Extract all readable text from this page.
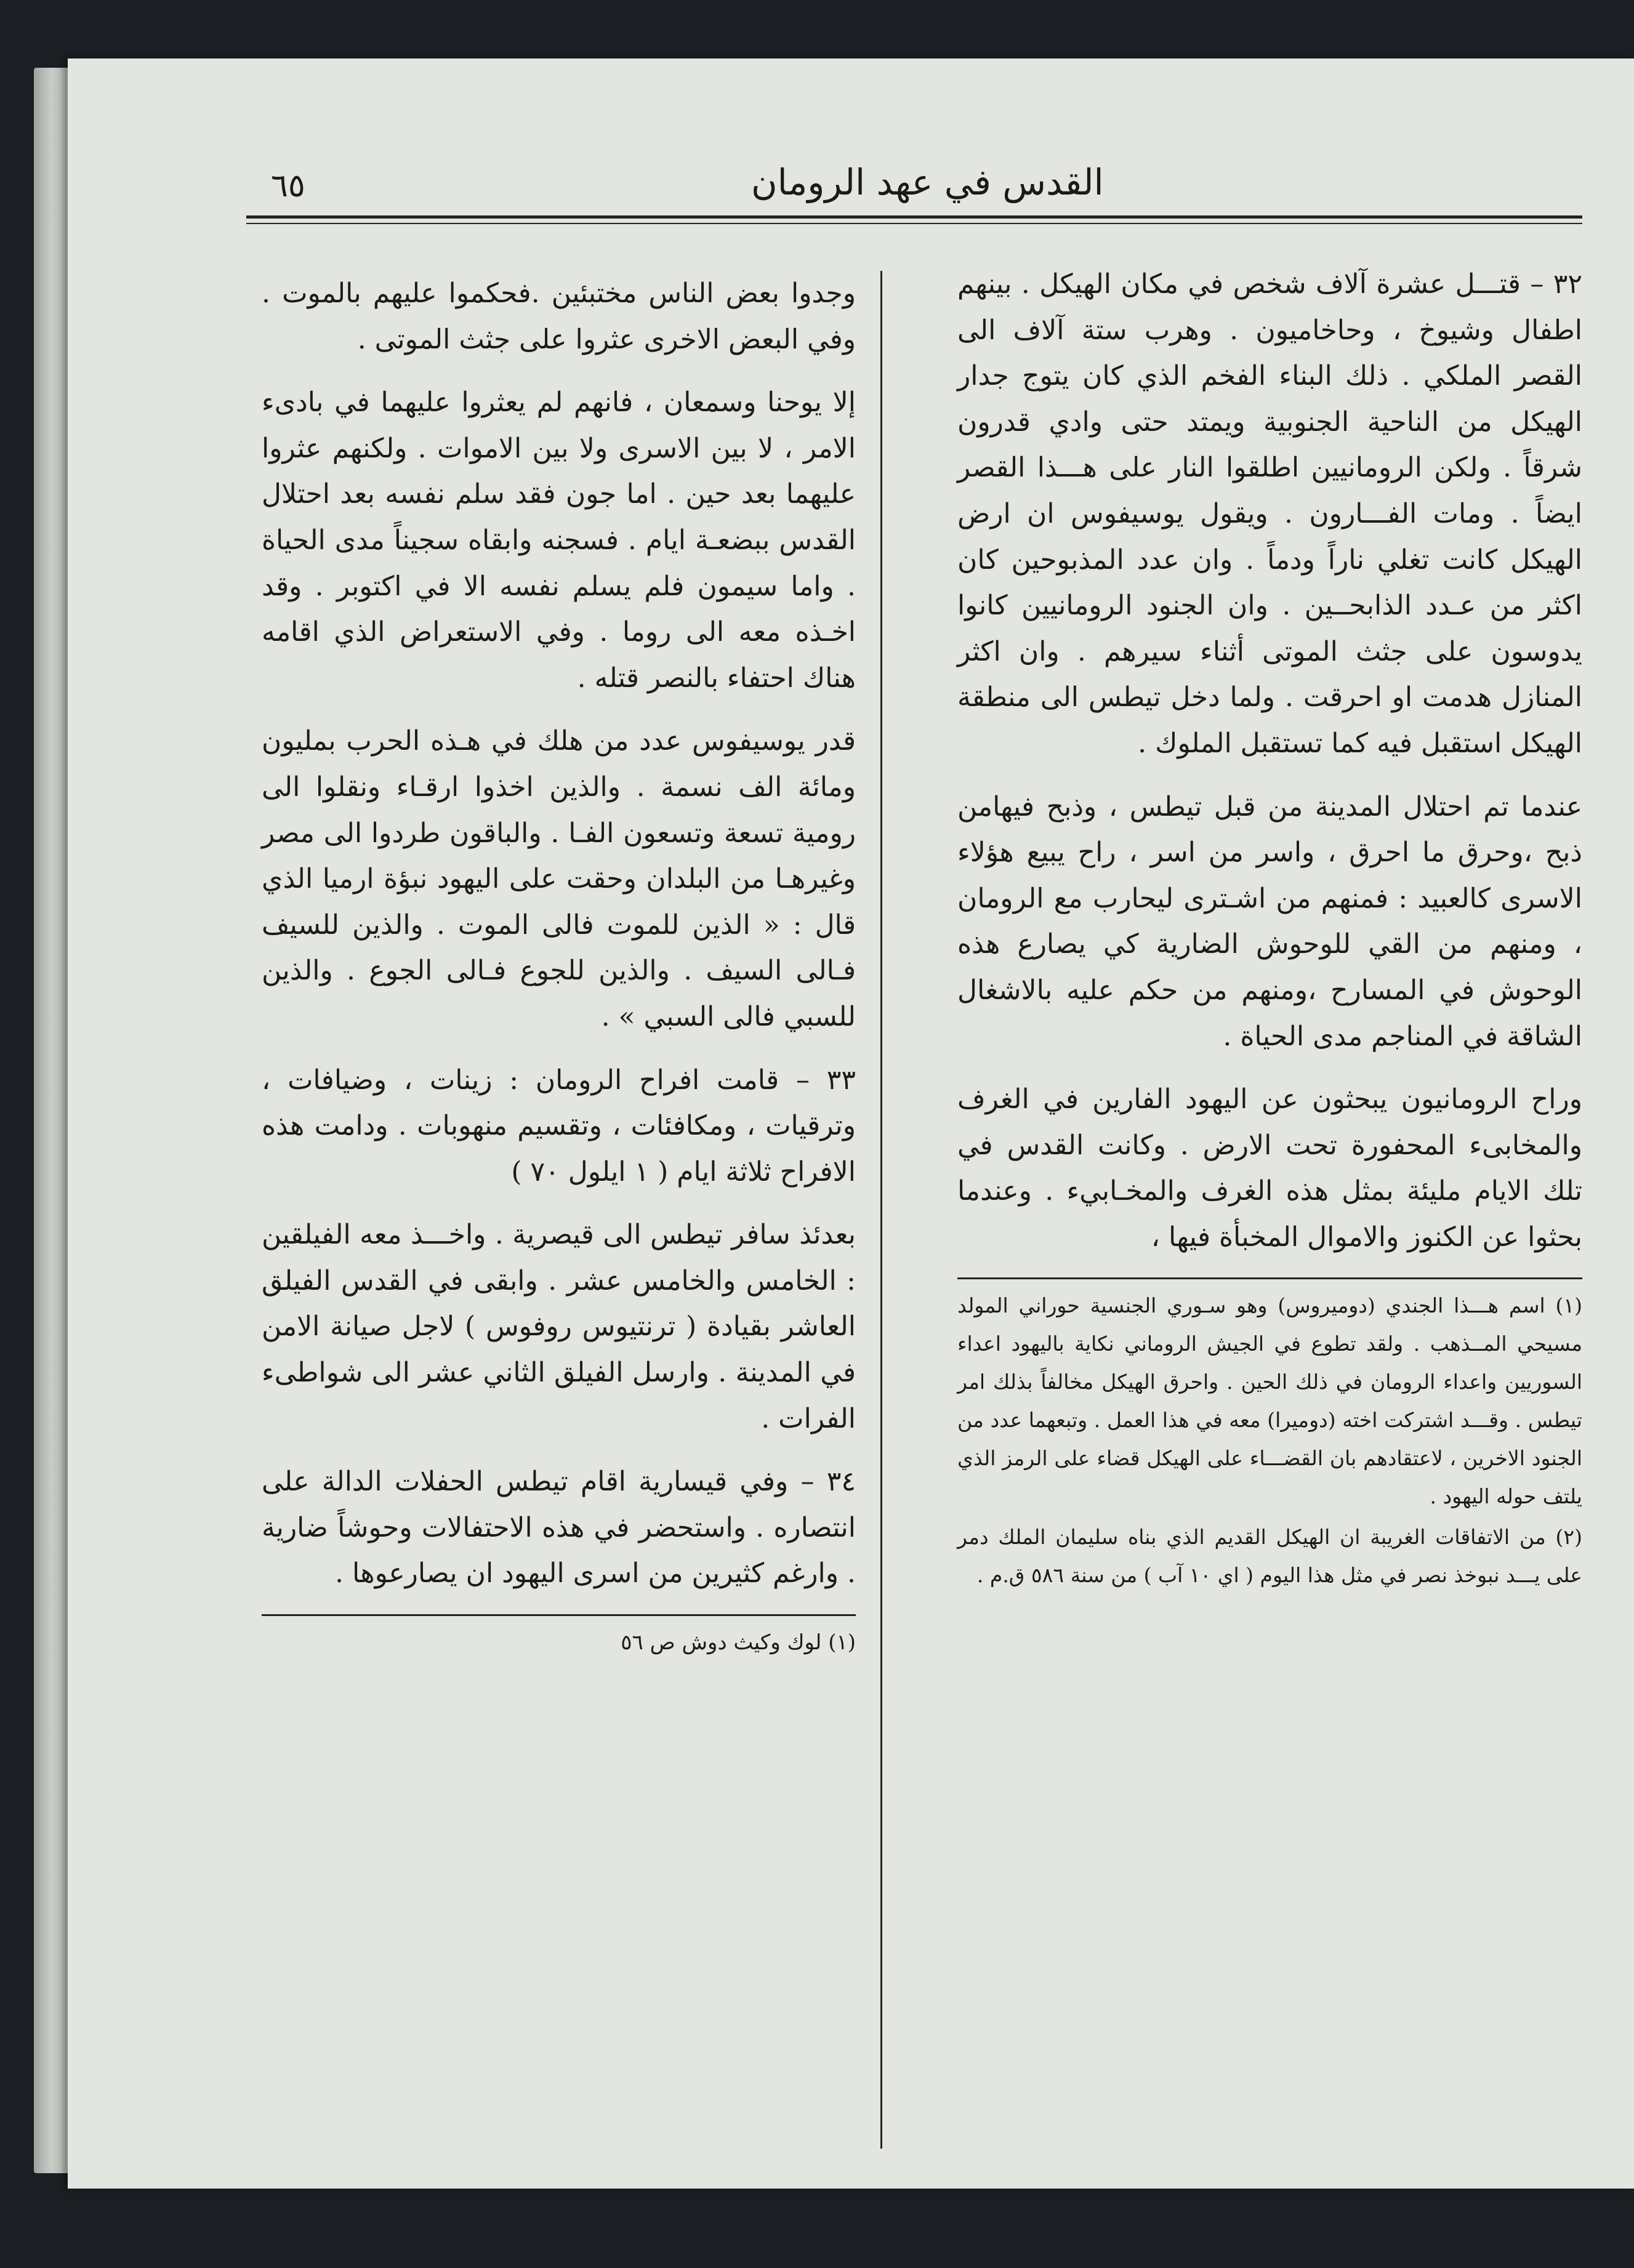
٦٥	القدس في عهد الرومان

٣٢ – قتـــل عشرة آلاف شخص في مكان الهيكل . بينهم اطفال وشيوخ ، وحاخاميون . وهرب ستة آلاف الى القصر الملكي . ذلك البناء الفخم الذي كان يتوج جدار الهيكل من الناحية الجنوبية ويمتد حتى وادي قدرون شرقاً . ولكن الرومانيين اطلقوا النار على هـــذا القصر ايضاً . ومات الفـــارون . ويقول يوسيفوس ان ارض الهيكل كانت تغلي ناراً ودماً . وان عدد المذبوحين كان اكثر من عـدد الذابحــين . وان الجنود الرومانيين كانوا يدوسون على جثث الموتى أثناء سيرهم . وان اكثر المنازل هدمت او احرقت . ولما دخل تيطس الى منطقة الهيكل استقبل فيه كما تستقبل الملوك .

عندما تم احتلال المدينة من قبل تيطس ، وذبح فيهامن ذبح ،وحرق ما احرق ، واسر من اسر ، راح يبيع هؤلاء الاسرى كالعبيد : فمنهم من اشـترى ليحارب مع الرومان ، ومنهم من القي للوحوش الضارية كي يصارع هذه الوحوش في المسارح ،ومنهم من حكم عليه بالاشغال الشاقة في المناجم مدى الحياة .

وراح الرومانيون يبحثون عن اليهود الفارين في الغرف والمخابىء المحفورة تحت الارض . وكانت القدس في تلك الايام مليئة بمثل هذه الغرف والمخـابيء . وعندما بحثوا عن الكنوز والاموال المخبأة فيها ،

(١) اسم هـــذا الجندي (دوميروس) وهو سـوري الجنسية حوراني المولد مسيحي المــذهب . ولقد تطوع في الجيش الروماني نكاية باليهود اعداء السوريين واعداء الرومان في ذلك الحين . واحرق الهيكل مخالفاً بذلك امر تيطس . وقـــد اشتركت اخته (دوميرا) معه في هذا العمل . وتبعهما عدد من الجنود الاخرين ، لاعتقادهم بان القضـــاء على الهيكل قضاء على الرمز الذي يلتف حوله اليهود .

(٢) من الاتفاقات الغريبة ان الهيكل القديم الذي بناه سليمان الملك دمر على يـــد نبوخذ نصر في مثل هذا اليوم ( اي ١٠ آب ) من سنة ٥٨٦ ق.م .

وجدوا بعض الناس مختبئين .فحكموا عليهم بالموت . وفي البعض الاخرى عثروا على جثث الموتى .

إلا يوحنا وسمعان ، فانهم لم يعثروا عليهما في بادىء الامر ، لا بين الاسرى ولا بين الاموات . ولكنهم عثروا عليهما بعد حين . اما جون فقد سلم نفسه بعد احتلال القدس ببضعـة ايام . فسجنه وابقاه سجيناً مدى الحياة . واما سيمون فلم يسلم نفسه الا في اكتوبر . وقد اخـذه معه الى روما . وفي الاستعراض الذي اقامه هناك احتفاء بالنصر قتله .

قدر يوسيفوس عدد من هلك في هـذه الحرب بمليون ومائة الف نسمة . والذين اخذوا ارقـاء ونقلوا الى رومية تسعة وتسعون الفـا . والباقون طردوا الى مصر وغيرهـا من البلدان وحقت على اليهود نبؤة ارميا الذي قال : « الذين للموت فالى الموت . والذين للسيف فـالى السيف . والذين للجوع فـالى الجوع . والذين للسبي فالى السبي » .

٣٣ – قامت افراح الرومان : زينات ، وضيافات ، وترقيات ، ومكافئات ، وتقسيم منهوبات . ودامت هذه الافراح ثلاثة ايام ( ١ ايلول ٧٠ )

بعدئذ سافر تيطس الى قيصرية . واخـــذ معه الفيلقين : الخامس والخامس عشر . وابقى في القدس الفيلق العاشر بقيادة ( ترنتيوس روفوس ) لاجل صيانة الامن في المدينة . وارسل الفيلق الثاني عشر الى شواطىء الفرات .

٣٤ – وفي قيسارية اقام تيطس الحفلات الدالة على انتصاره . واستحضر في هذه الاحتفالات وحوشاً ضارية . وارغم كثيرين من اسرى اليهود ان يصارعوها .

(١) لوك وكيث دوش ص ٥٦
